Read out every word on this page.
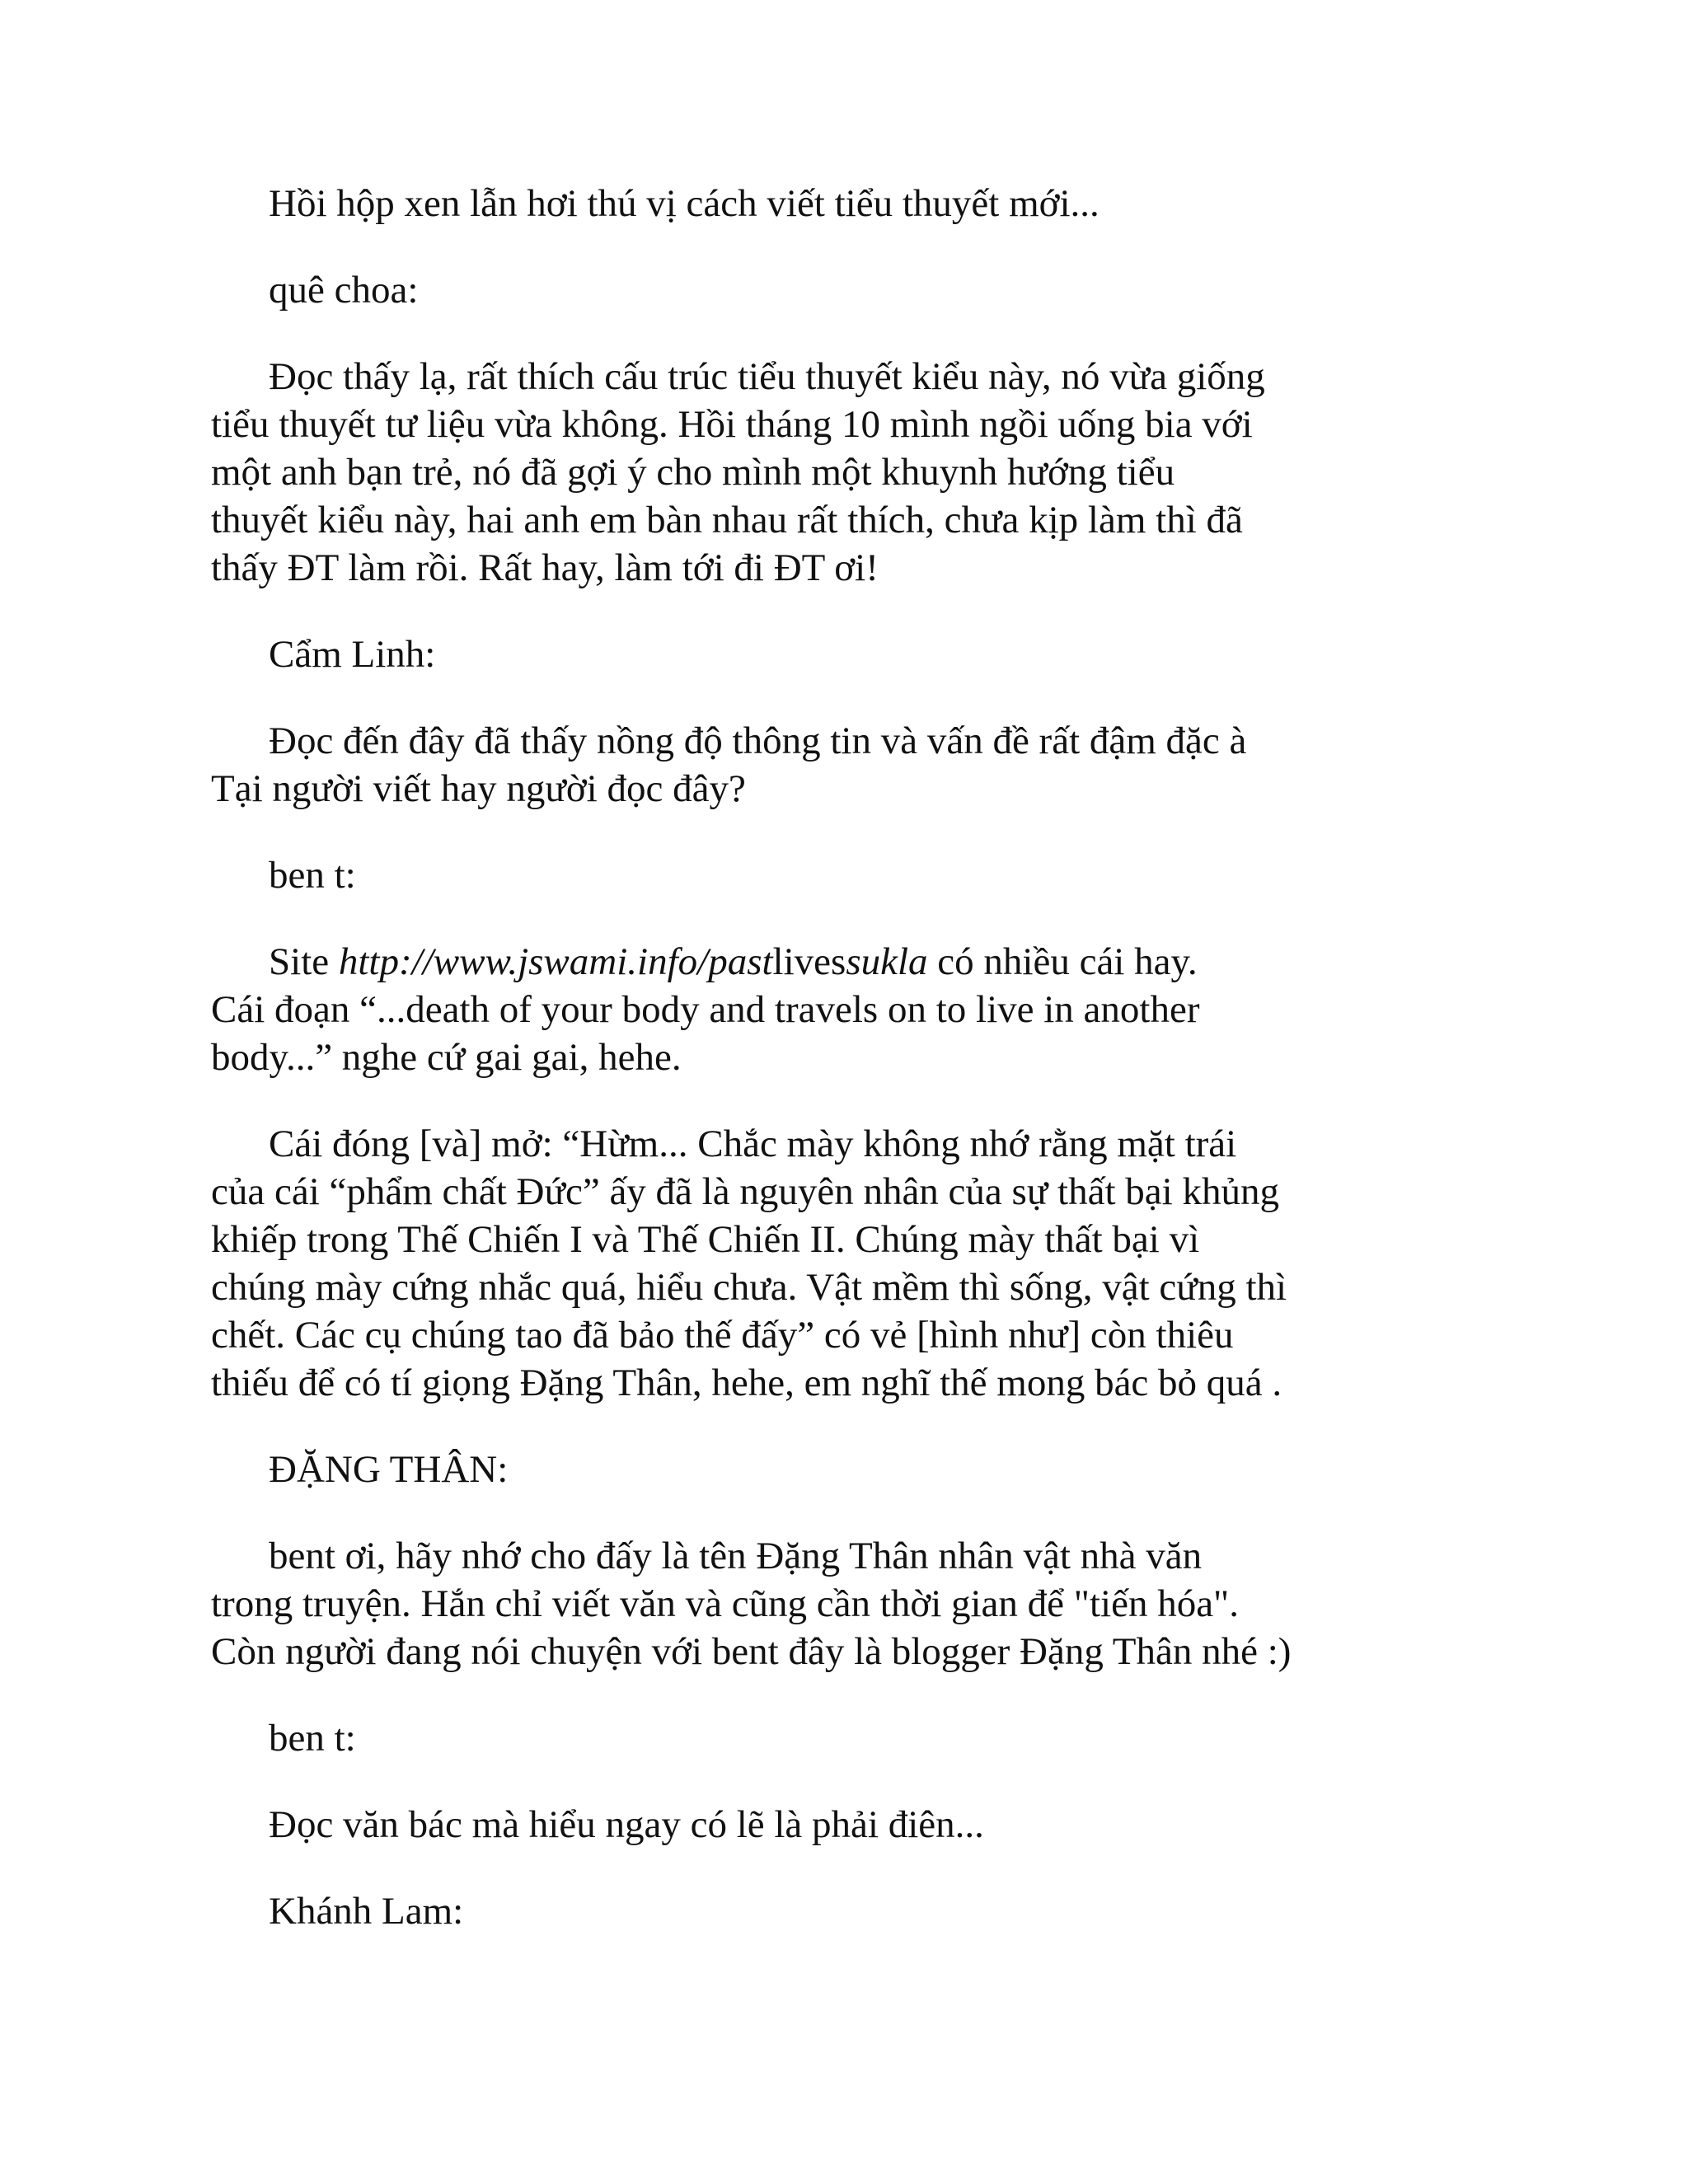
Hồi hộp xen lẫn hơi thú vị cách viết tiểu thuyết mới...
quê choa:
Đọc thấy lạ, rất thích cấu trúc tiểu thuyết kiểu này, nó vừa giống
tiểu thuyết tư liệu vừa không. Hồi tháng 10 mình ngồi uống bia với
một anh bạn trẻ, nó đã gợi ý cho mình một khuynh hướng tiểu
thuyết kiểu này, hai anh em bàn nhau rất thích, chưa kịp làm thì đã
thấy ĐT làm rồi. Rất hay, làm tới đi ĐT ơi!
Cẩm Linh:
Đọc đến đây đã thấy nồng độ thông tin và vấn đề rất đậm đặc à
Tại người viết hay người đọc đây?
ben t:
Site http://www.jswami.info/pastlivessukla có nhiều cái hay.
Cái đoạn “...death of your body and travels on to live in another
body...” nghe cứ gai gai, hehe.
Cái đóng [và] mở: “Hừm... Chắc mày không nhớ rằng mặt trái
của cái “phẩm chất Đức” ấy đã là nguyên nhân của sự thất bại khủng
khiếp trong Thế Chiến I và Thế Chiến II. Chúng mày thất bại vì
chúng mày cứng nhắc quá, hiểu chưa. Vật mềm thì sống, vật cứng thì
chết. Các cụ chúng tao đã bảo thế đấy” có vẻ [hình như] còn thiêu
thiếu để có tí giọng Đặng Thân, hehe, em nghĩ thế mong bác bỏ quá .
ĐẶNG THÂN:
bent ơi, hãy nhớ cho đấy là tên Đặng Thân nhân vật nhà văn
trong truyện. Hắn chỉ viết văn và cũng cần thời gian để "tiến hóa".
Còn người đang nói chuyện với bent đây là blogger Đặng Thân nhé :)
ben t:
Đọc văn bác mà hiểu ngay có lẽ là phải điên...
Khánh Lam:
